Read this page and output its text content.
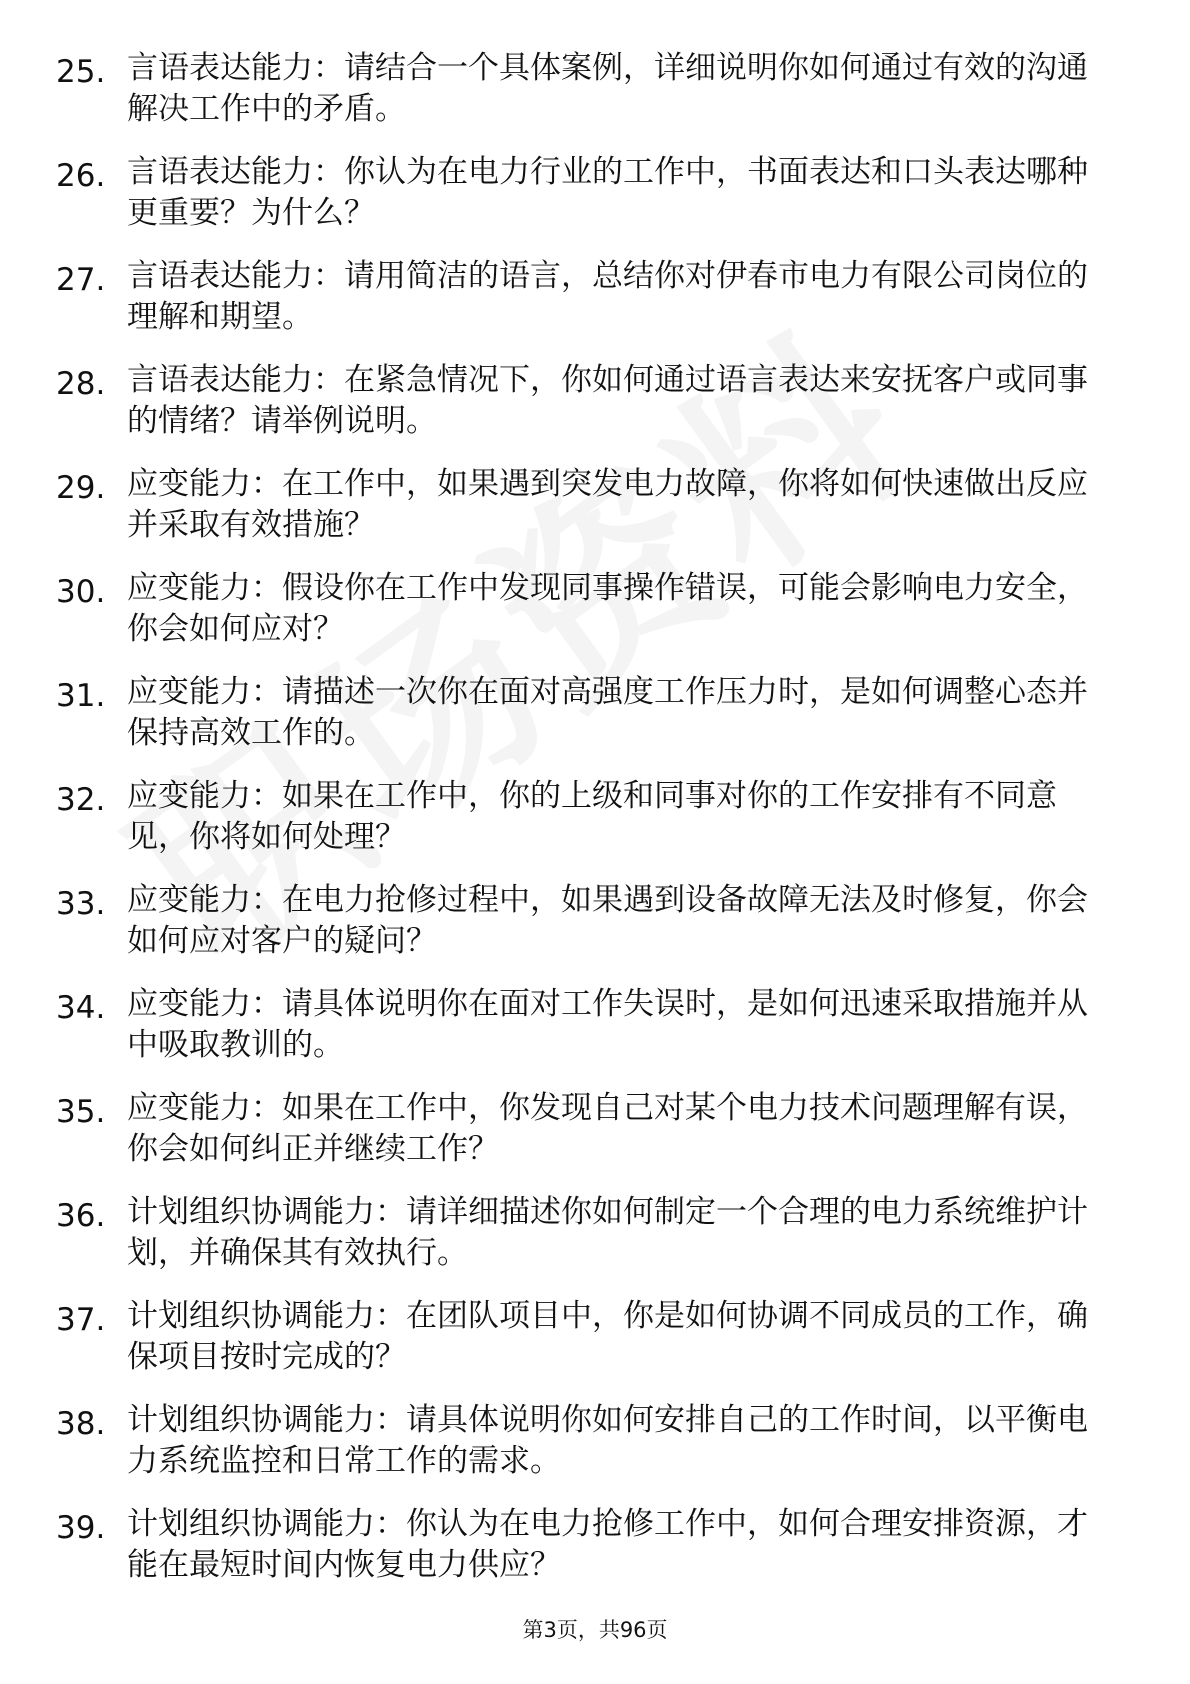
25. 言语表达能力：请结合一个具体案例，详细说明你如何通过有效的沟通解决工作中的矛盾。
26. 言语表达能力：你认为在电力行业的工作中，书面表达和口头表达哪种更重要？为什么？
27. 言语表达能力：请用简洁的语言，总结你对伊春市电力有限公司岗位的理解和期望。
28. 言语表达能力：在紧急情况下，你如何通过语言表达来安抚客户或同事的情绪？请举例说明。
29. 应变能力：在工作中，如果遇到突发电力故障，你将如何快速做出反应并采取有效措施？
30. 应变能力：假设你在工作中发现同事操作错误，可能会影响电力安全，你会如何应对？
31. 应变能力：请描述一次你在面对高强度工作压力时，是如何调整心态并保持高效工作的。
32. 应变能力：如果在工作中，你的上级和同事对你的工作安排有不同意见，你将如何处理？
33. 应变能力：在电力抢修过程中，如果遇到设备故障无法及时修复，你会如何应对客户的疑问？
34. 应变能力：请具体说明你在面对工作失误时，是如何迅速采取措施并从中吸取教训的。
35. 应变能力：如果在工作中，你发现自己对某个电力技术问题理解有误，你会如何纠正并继续工作？
36. 计划组织协调能力：请详细描述你如何制定一个合理的电力系统维护计划，并确保其有效执行。
37. 计划组织协调能力：在团队项目中，你是如何协调不同成员的工作，确保项目按时完成的？
38. 计划组织协调能力：请具体说明你如何安排自己的工作时间，以平衡电力系统监控和日常工作的需求。
39. 计划组织协调能力：你认为在电力抢修工作中，如何合理安排资源，才能在最短时间内恢复电力供应？
第3页，共96页
